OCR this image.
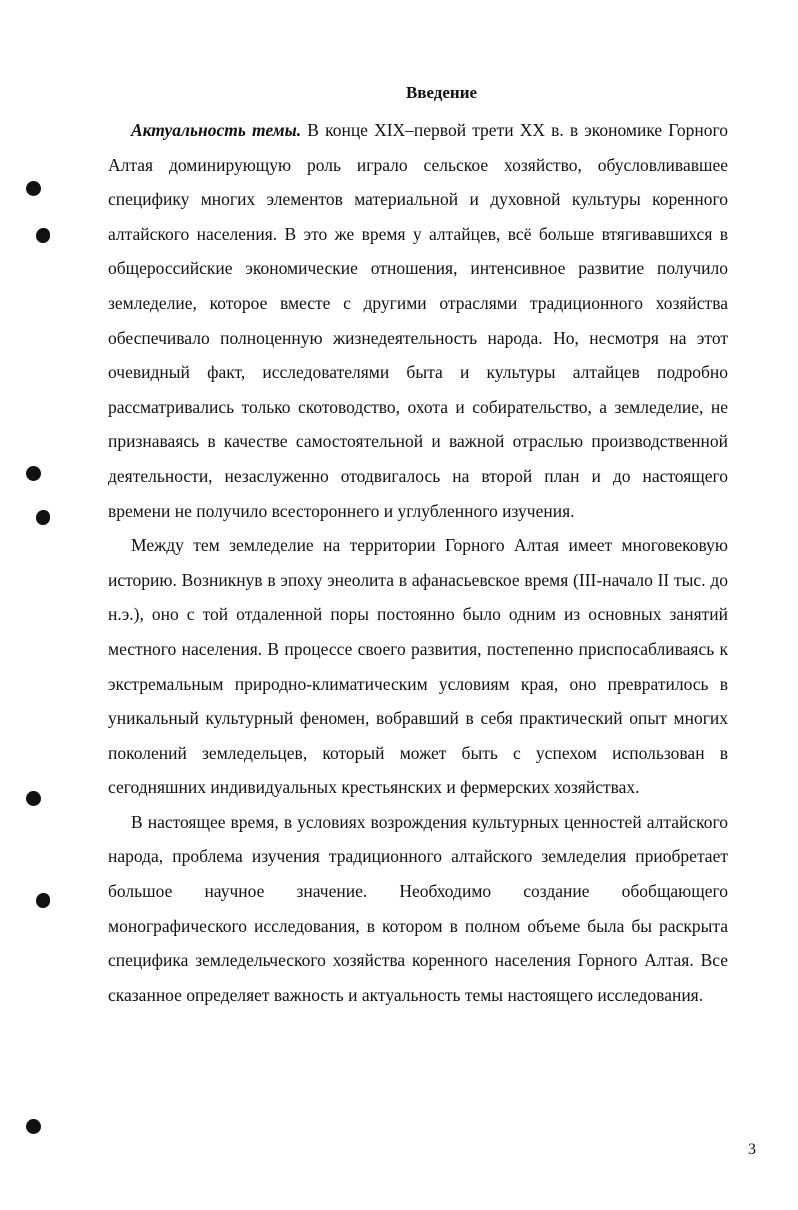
Введение

Актуальность темы. В конце XIX–первой трети XX в. в экономике Горного Алтая доминирующую роль играло сельское хозяйство, обусловливавшее специфику многих элементов материальной и духовной культуры коренного алтайского населения. В это же время у алтайцев, всё больше втягивавшихся в общероссийские экономические отношения, интенсивное развитие получило земледелие, которое вместе с другими отраслями традиционного хозяйства обеспечивало полноценную жизнедеятельность народа. Но, несмотря на этот очевидный факт, исследователями быта и культуры алтайцев подробно рассматривались только скотоводство, охота и собирательство, а земледелие, не признаваясь в качестве самостоятельной и важной отраслью производственной деятельности, незаслуженно отодвигалось на второй план и до настоящего времени не получило всестороннего и углубленного изучения.

Между тем земледелие на территории Горного Алтая имеет многовековую историю. Возникнув в эпоху энеолита в афанасьевское время (III-начало II тыс. до н.э.), оно с той отдаленной поры постоянно было одним из основных занятий местного населения. В процессе своего развития, постепенно приспосабливаясь к экстремальным природно-климатическим условиям края, оно превратилось в уникальный культурный феномен, вобравший в себя практический опыт многих поколений земледельцев, который может быть с успехом использован в сегодняшних индивидуальных крестьянских и фермерских хозяйствах.

В настоящее время, в условиях возрождения культурных ценностей алтайского народа, проблема изучения традиционного алтайского земледелия приобретает большое научное значение. Необходимо создание обобщающего монографического исследования, в котором в полном объеме была бы раскрыта специфика земледельческого хозяйства коренного населения Горного Алтая. Все сказанное определяет важность и актуальность темы настоящего исследования.

3
